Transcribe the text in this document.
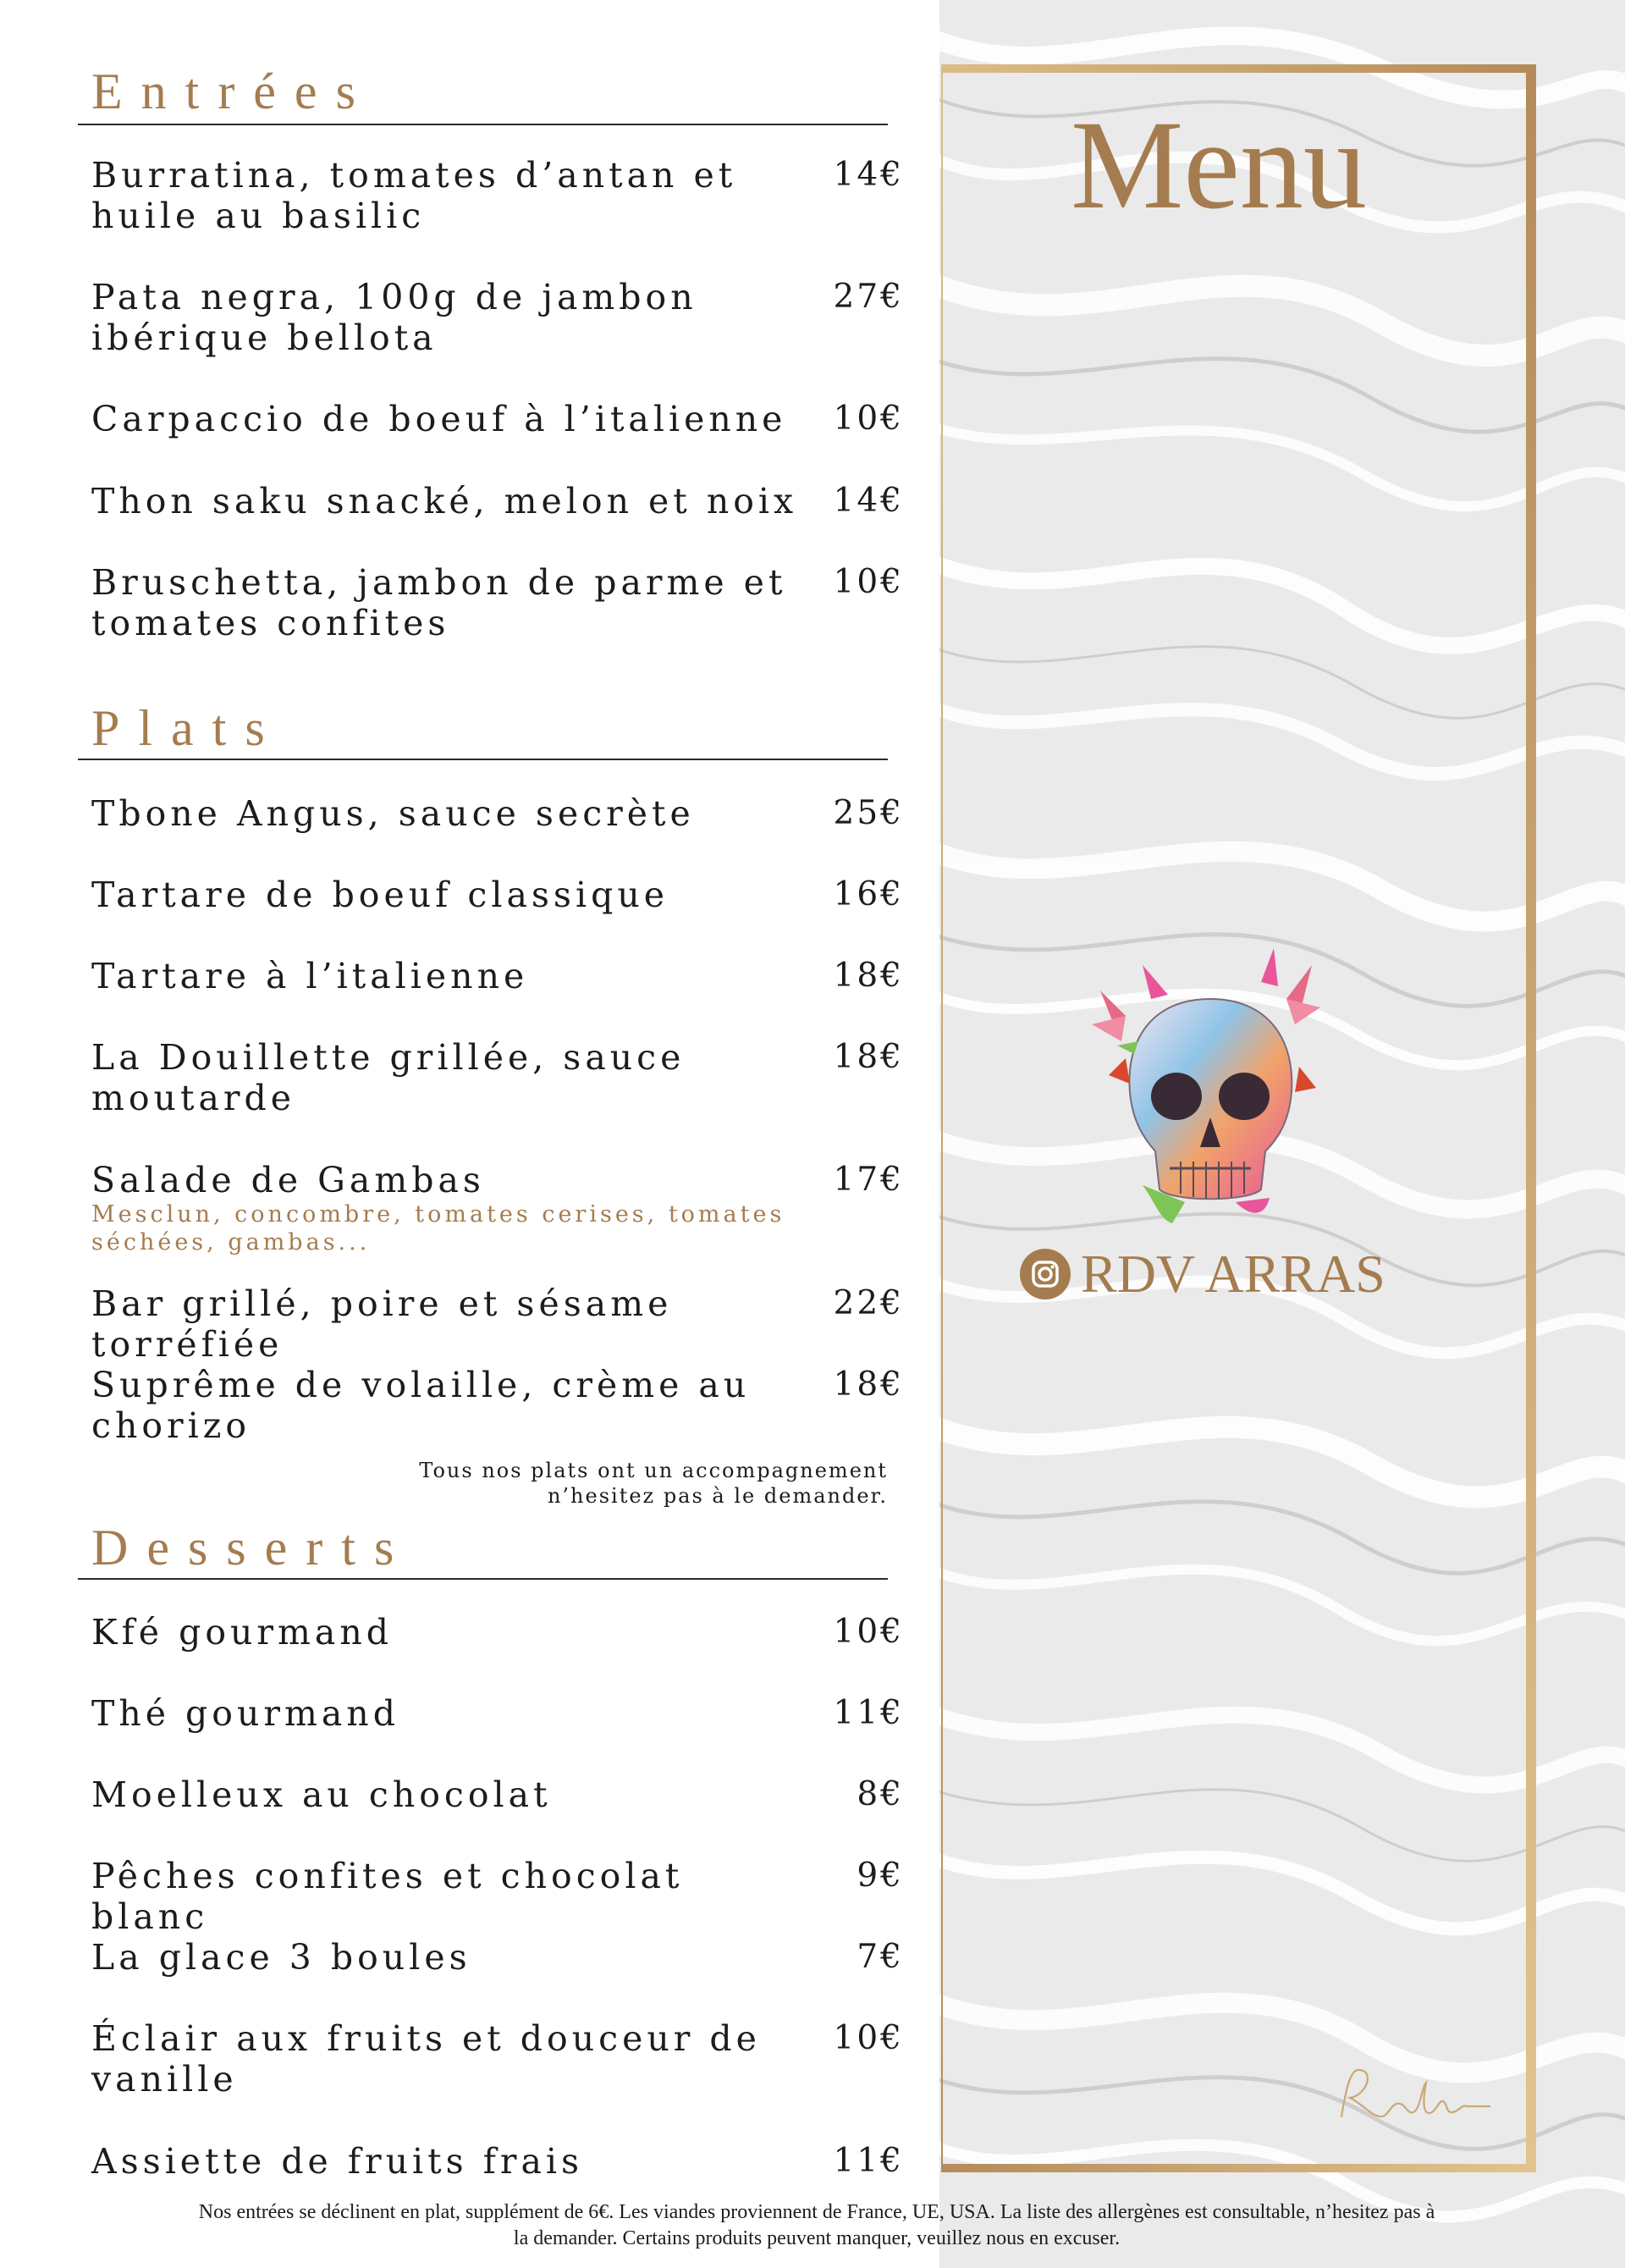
Entrées
Burratina, tomates d’antan et
huile au basilic
14€
Pata negra, 100g de jambon
ibérique bellota
27€
Carpaccio de boeuf à l’italienne	10€
Thon saku snacké, melon et noix	14€
Bruschetta, jambon de parme et
tomates confites
10€
Plats
Tbone Angus, sauce secrète	25€
Tartare de boeuf classique	16€
Tartare à l’italienne	18€
La Douillette grillée, sauce
moutarde
18€
Salade de Gambas
Mesclun, concombre, tomates cerises, tomates
séchées, gambas...
17€
Bar grillé, poire et sésame torréfiée
22€
Suprême de volaille, crème au
chorizo
18€
Tous nos plats ont un accompagnement
n’hesitez pas à le demander.
Desserts
Kfé gourmand	10€
Thé gourmand	11€
Moelleux au chocolat	8€
Pêches confites et chocolat blanc
9€
La glace 3 boules	7€
Éclair aux fruits et douceur de
vanille
10€
Assiette de fruits frais	11€
Menu
RDV ARRAS
Nos entrées se déclinent en plat, supplément de 6€. Les viandes proviennent de France, UE, USA. La liste des allergènes est consultable, n’hesitez pas à
la demander. Certains produits peuvent manquer, veuillez nous en excuser.
